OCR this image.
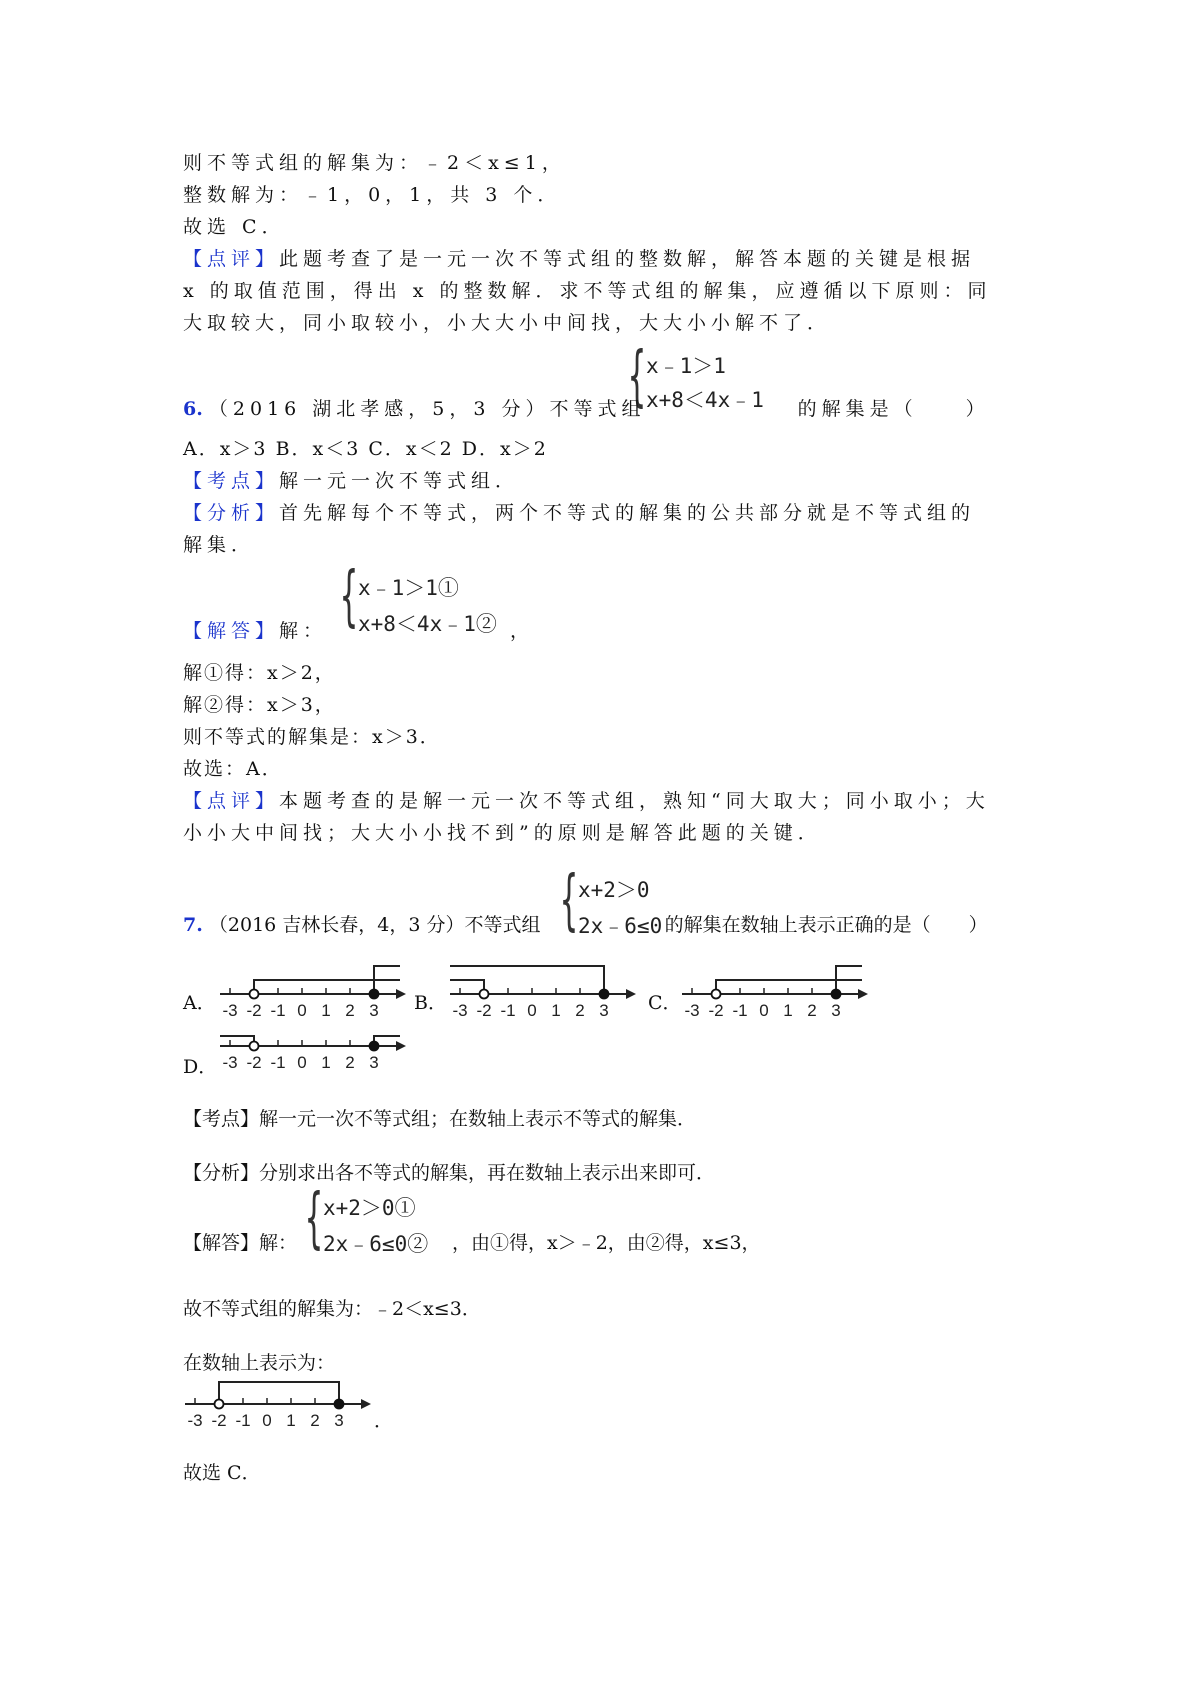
则不等式组的解集为：﹣2＜x≤1，
整数解为：﹣1，0，1，共 3 个．
故选 C．
【点评】此题考查了是一元一次不等式组的整数解，解答本题的关键是根据
x 的取值范围，得出 x 的整数解．求不等式组的解集，应遵循以下原则：同
大取较大，同小取较小，小大大小中间找，大大小小解不了．
{ x﹣1＞1
x+8＜4x﹣1
6. （2016 湖北孝感，5，3 分）不等式组	的解集是（　　）
A．x＞3 B．x＜3 C．x＜2 D．x＞2
【考点】解一元一次不等式组．
【分析】首先解每个不等式，两个不等式的解集的公共部分就是不等式组的
解集．
{ x﹣1＞1①
x+8＜4x﹣1②
【解答】解：	，
解①得：x＞2，
解②得：x＞3，
则不等式的解集是：x＞3．
故选：A．
【点评】本题考查的是解一元一次不等式组，熟知“同大取大；同小取小；大
小小大中间找；大大小小找不到”的原则是解答此题的关键．
{ x+2＞0
2x﹣6≤0
7. （2016 吉林长春，4，3 分）不等式组	的解集在数轴上表示正确的是（　　）
A．	B．	C．
D．
-3 -2 -1 0 1 2 3	-3 -2 -1 0 1 2 3	-3 -2 -1 0 1 2 3
-3 -2 -1 0 1 2 3
【考点】解一元一次不等式组；在数轴上表示不等式的解集．
【分析】分别求出各不等式的解集，再在数轴上表示出来即可．
{ x+2＞0①
2x﹣6≤0②
【解答】解：	，由①得，x＞﹣2，由②得，x≤3，
故不等式组的解集为：﹣2＜x≤3．
在数轴上表示为：
-3 -2 -1 0 1 2 3 ．
故选 C．
